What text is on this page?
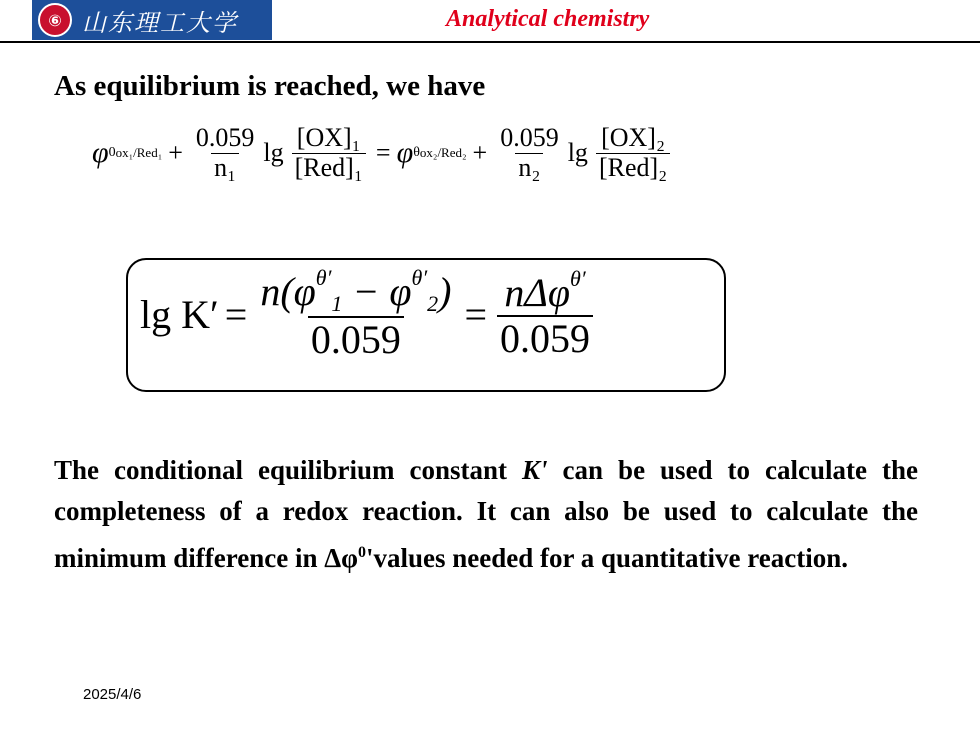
⑥ 山东理工大学	Analytical chemistry
As equilibrium is reached, we have
φ 0 $ox_1/Red_1 + \frac{0.059}{\text{n₁}}$ $\lg \frac{\text{[OX]₁}}{\text{[Red]₁}} = \varphi$ θ $ox_2/Red_2 + \frac{0.059}{\text{n₂}}$ $\lg \frac{\text{[OX]₂}}{\text{[Red]₂}}$
$\lg K' = \frac{n(\varphi^{\theta'}1 - \varphi^{\theta'}2)}{0.059} = \frac{n\Delta\varphi^{\theta'}}{0.059}$
The conditional equilibrium constant K' can be used to calculate the completeness of a redox reaction. It can also be used to calculate the minimum difference in $\Delta\varphi^0'values$ needed for a quantitative reaction.
2025/4/6
